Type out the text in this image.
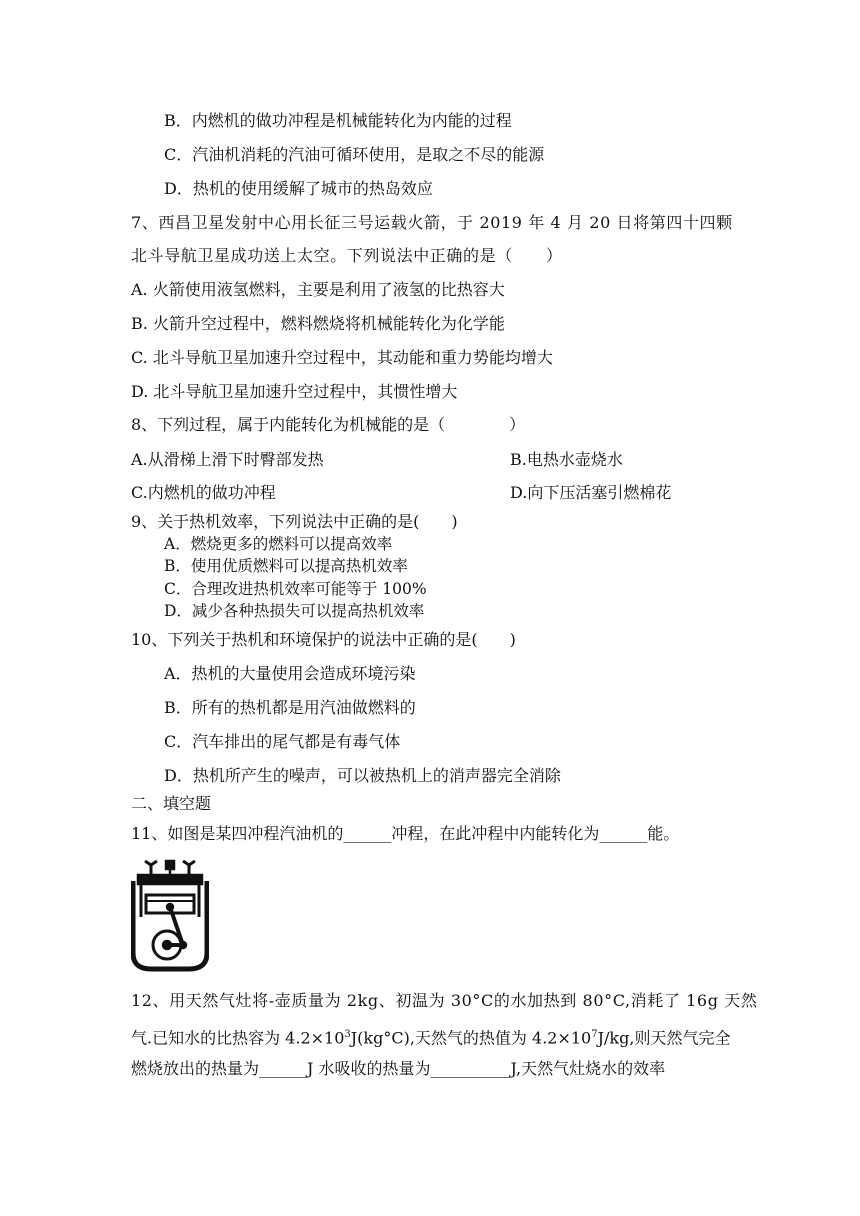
B．内燃机的做功冲程是机械能转化为内能的过程
C．汽油机消耗的汽油可循环使用，是取之不尽的能源
D．热机的使用缓解了城市的热岛效应
7、西昌卫星发射中心用长征三号运载火箭，于 2019 年 4 月 20 日将第四十四颗
北斗导航卫星成功送上太空。下列说法中正确的是（　　）
A. 火箭使用液氢燃料，主要是利用了液氢的比热容大
B. 火箭升空过程中，燃料燃烧将机械能转化为化学能
C. 北斗导航卫星加速升空过程中，其动能和重力势能均增大
D. 北斗导航卫星加速升空过程中，其惯性增大
8、下列过程，属于内能转化为机械能的是（　　　　）
A.从滑梯上滑下时臀部发热	B.电热水壶烧水
C.内燃机的做功冲程	D.向下压活塞引燃棉花
9、关于热机效率，下列说法中正确的是(　　)
A．燃烧更多的燃料可以提高效率
B．使用优质燃料可以提高热机效率
C．合理改进热机效率可能等于 100%
D．减少各种热损失可以提高热机效率
10、下列关于热机和环境保护的说法中正确的是(　　)
A．热机的大量使用会造成环境污染
B．所有的热机都是用汽油做燃料的
C．汽车排出的尾气都是有毒气体
D．热机所产生的噪声，可以被热机上的消声器完全消除
二、填空题
11、如图是某四冲程汽油机的______冲程，在此冲程中内能转化为______能。
12、用天然气灶将-壶质量为 2kg、初温为 30°C的水加热到 80°C,消耗了 16g 天然
气.已知水的比热容为 $4.2\times 10^3J(kg^\circ C)$,天然气的热值为 $4.2\times 10^7J/kg$,则天然气完全
燃烧放出的热量为______J 水吸收的热量为__________J,天然气灶烧水的效率
